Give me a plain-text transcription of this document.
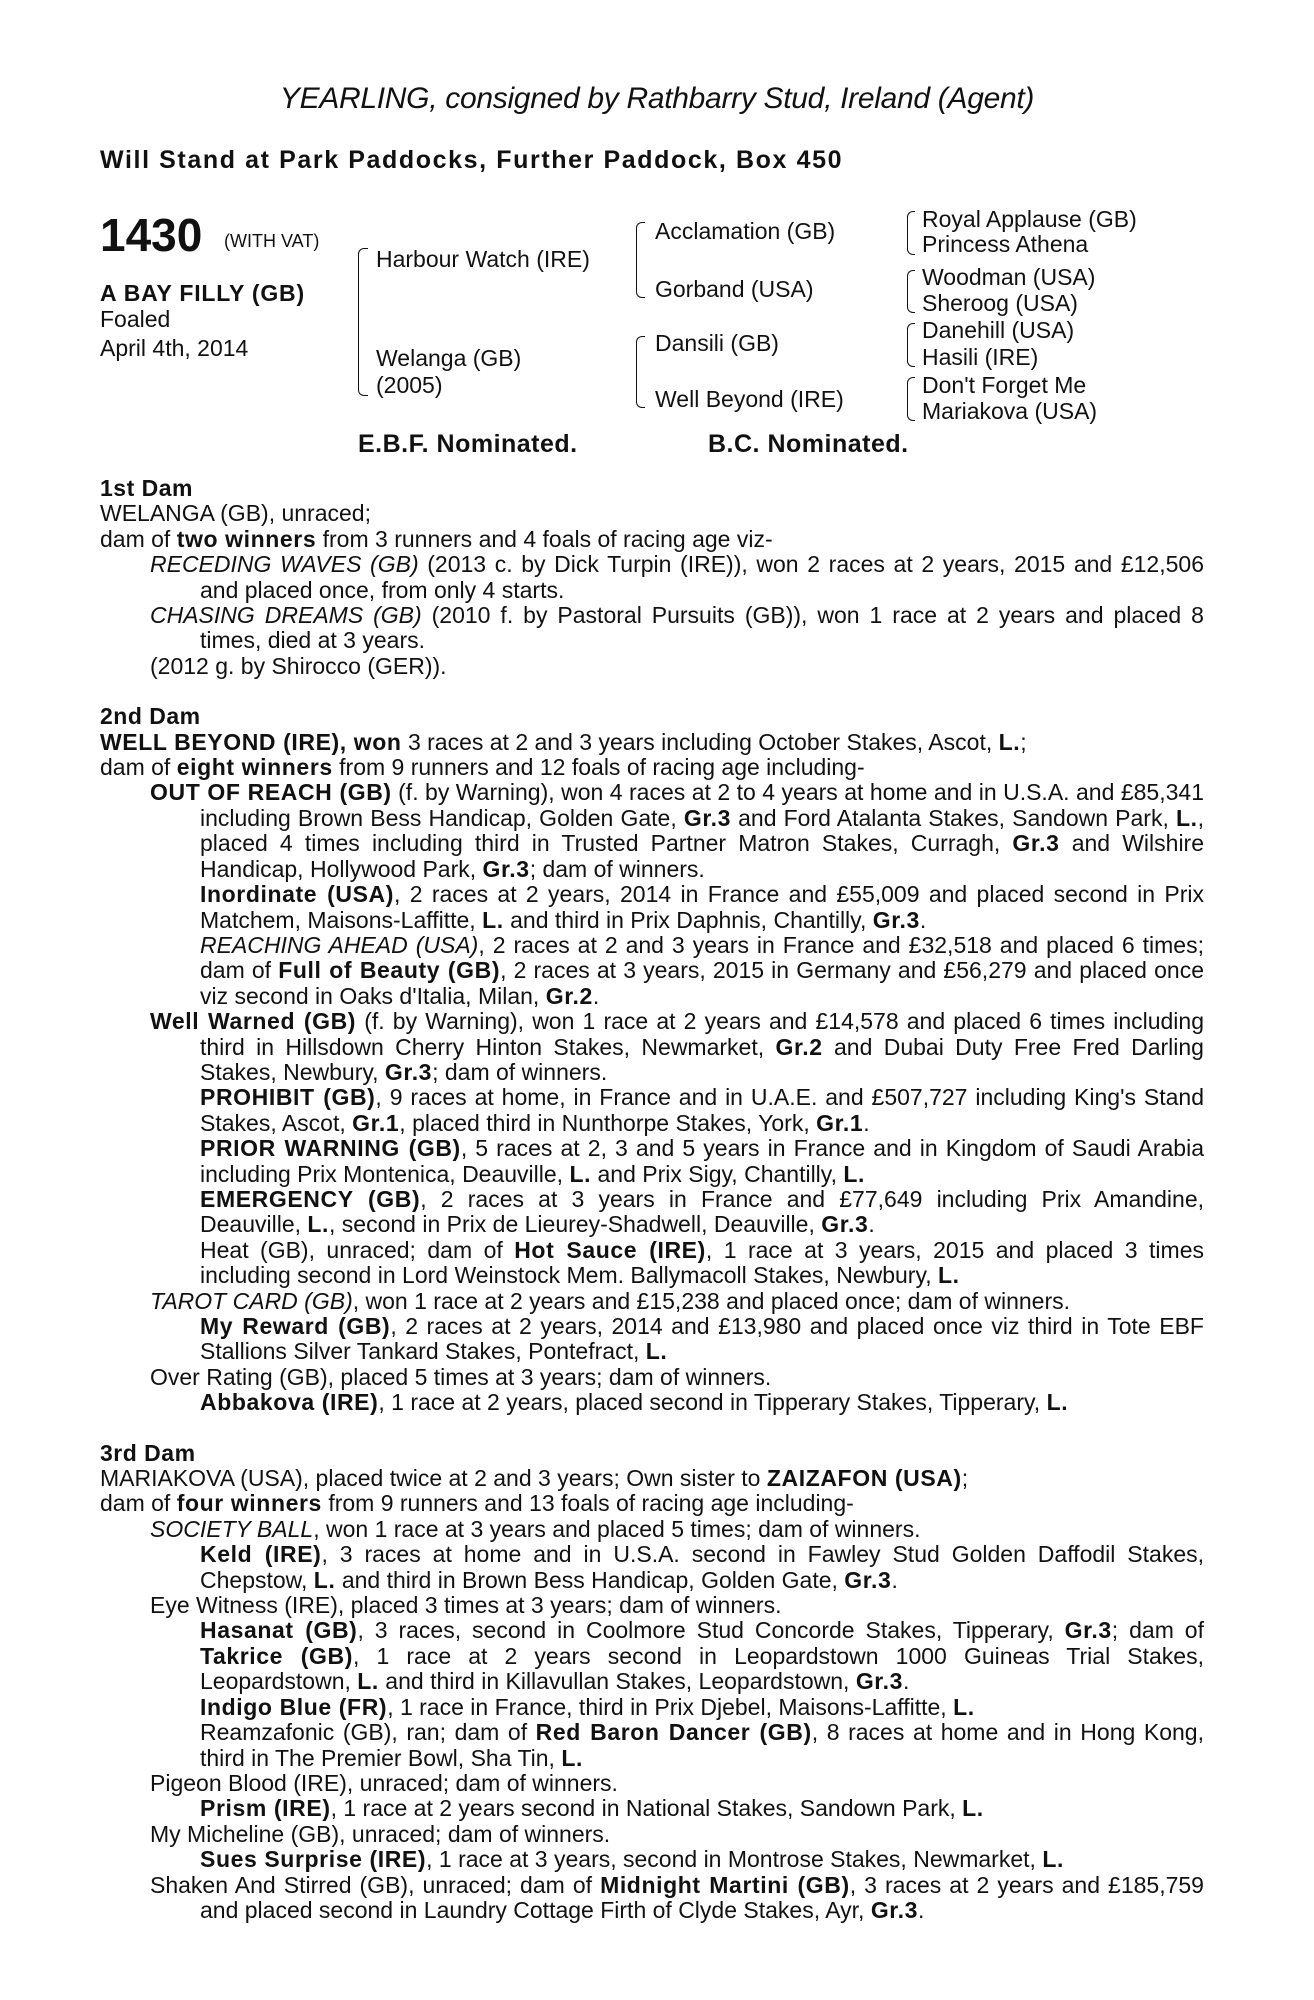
YEARLING, consigned by Rathbarry Stud, Ireland (Agent)
Will Stand at Park Paddocks, Further Paddock, Box 450
1430 (WITH VAT)
A BAY FILLY (GB)
Foaled
April 4th, 2014
Harbour Watch (IRE)
Welanga (GB)
(2005)
Acclamation (GB)
Gorband (USA)
Dansili (GB)
Well Beyond (IRE)
Royal Applause (GB)
Princess Athena
Woodman (USA)
Sheroog (USA)
Danehill (USA)
Hasili (IRE)
Don't Forget Me
Mariakova (USA)
E.B.F. Nominated.	B.C. Nominated.
1st Dam
WELANGA (GB), unraced;
dam of two winners from 3 runners and 4 foals of racing age viz-
RECEDING WAVES (GB) (2013 c. by Dick Turpin (IRE)), won 2 races at 2 years, 2015 and £12,506 and placed once, from only 4 starts.
CHASING DREAMS (GB) (2010 f. by Pastoral Pursuits (GB)), won 1 race at 2 years and placed 8 times, died at 3 years.
(2012 g. by Shirocco (GER)).
2nd Dam
WELL BEYOND (IRE), won 3 races at 2 and 3 years including October Stakes, Ascot, L.;
dam of eight winners from 9 runners and 12 foals of racing age including-
OUT OF REACH (GB) (f. by Warning), won 4 races at 2 to 4 years at home and in U.S.A. and £85,341 including Brown Bess Handicap, Golden Gate, Gr.3 and Ford Atalanta Stakes, Sandown Park, L., placed 4 times including third in Trusted Partner Matron Stakes, Curragh, Gr.3 and Wilshire Handicap, Hollywood Park, Gr.3; dam of winners.
Inordinate (USA), 2 races at 2 years, 2014 in France and £55,009 and placed second in Prix Matchem, Maisons-Laffitte, L. and third in Prix Daphnis, Chantilly, Gr.3.
REACHING AHEAD (USA), 2 races at 2 and 3 years in France and £32,518 and placed 6 times; dam of Full of Beauty (GB), 2 races at 3 years, 2015 in Germany and £56,279 and placed once viz second in Oaks d'Italia, Milan, Gr.2.
Well Warned (GB) (f. by Warning), won 1 race at 2 years and £14,578 and placed 6 times including third in Hillsdown Cherry Hinton Stakes, Newmarket, Gr.2 and Dubai Duty Free Fred Darling Stakes, Newbury, Gr.3; dam of winners.
PROHIBIT (GB), 9 races at home, in France and in U.A.E. and £507,727 including King's Stand Stakes, Ascot, Gr.1, placed third in Nunthorpe Stakes, York, Gr.1.
PRIOR WARNING (GB), 5 races at 2, 3 and 5 years in France and in Kingdom of Saudi Arabia including Prix Montenica, Deauville, L. and Prix Sigy, Chantilly, L.
EMERGENCY (GB), 2 races at 3 years in France and £77,649 including Prix Amandine, Deauville, L., second in Prix de Lieurey-Shadwell, Deauville, Gr.3.
Heat (GB), unraced; dam of Hot Sauce (IRE), 1 race at 3 years, 2015 and placed 3 times including second in Lord Weinstock Mem. Ballymacoll Stakes, Newbury, L.
TAROT CARD (GB), won 1 race at 2 years and £15,238 and placed once; dam of winners.
My Reward (GB), 2 races at 2 years, 2014 and £13,980 and placed once viz third in Tote EBF Stallions Silver Tankard Stakes, Pontefract, L.
Over Rating (GB), placed 5 times at 3 years; dam of winners.
Abbakova (IRE), 1 race at 2 years, placed second in Tipperary Stakes, Tipperary, L.
3rd Dam
MARIAKOVA (USA), placed twice at 2 and 3 years; Own sister to ZAIZAFON (USA);
dam of four winners from 9 runners and 13 foals of racing age including-
SOCIETY BALL, won 1 race at 3 years and placed 5 times; dam of winners.
Keld (IRE), 3 races at home and in U.S.A. second in Fawley Stud Golden Daffodil Stakes, Chepstow, L. and third in Brown Bess Handicap, Golden Gate, Gr.3.
Eye Witness (IRE), placed 3 times at 3 years; dam of winners.
Hasanat (GB), 3 races, second in Coolmore Stud Concorde Stakes, Tipperary, Gr.3; dam of Takrice (GB), 1 race at 2 years second in Leopardstown 1000 Guineas Trial Stakes, Leopardstown, L. and third in Killavullan Stakes, Leopardstown, Gr.3.
Indigo Blue (FR), 1 race in France, third in Prix Djebel, Maisons-Laffitte, L.
Reamzafonic (GB), ran; dam of Red Baron Dancer (GB), 8 races at home and in Hong Kong, third in The Premier Bowl, Sha Tin, L.
Pigeon Blood (IRE), unraced; dam of winners.
Prism (IRE), 1 race at 2 years second in National Stakes, Sandown Park, L.
My Micheline (GB), unraced; dam of winners.
Sues Surprise (IRE), 1 race at 3 years, second in Montrose Stakes, Newmarket, L.
Shaken And Stirred (GB), unraced; dam of Midnight Martini (GB), 3 races at 2 years and £185,759 and placed second in Laundry Cottage Firth of Clyde Stakes, Ayr, Gr.3.
